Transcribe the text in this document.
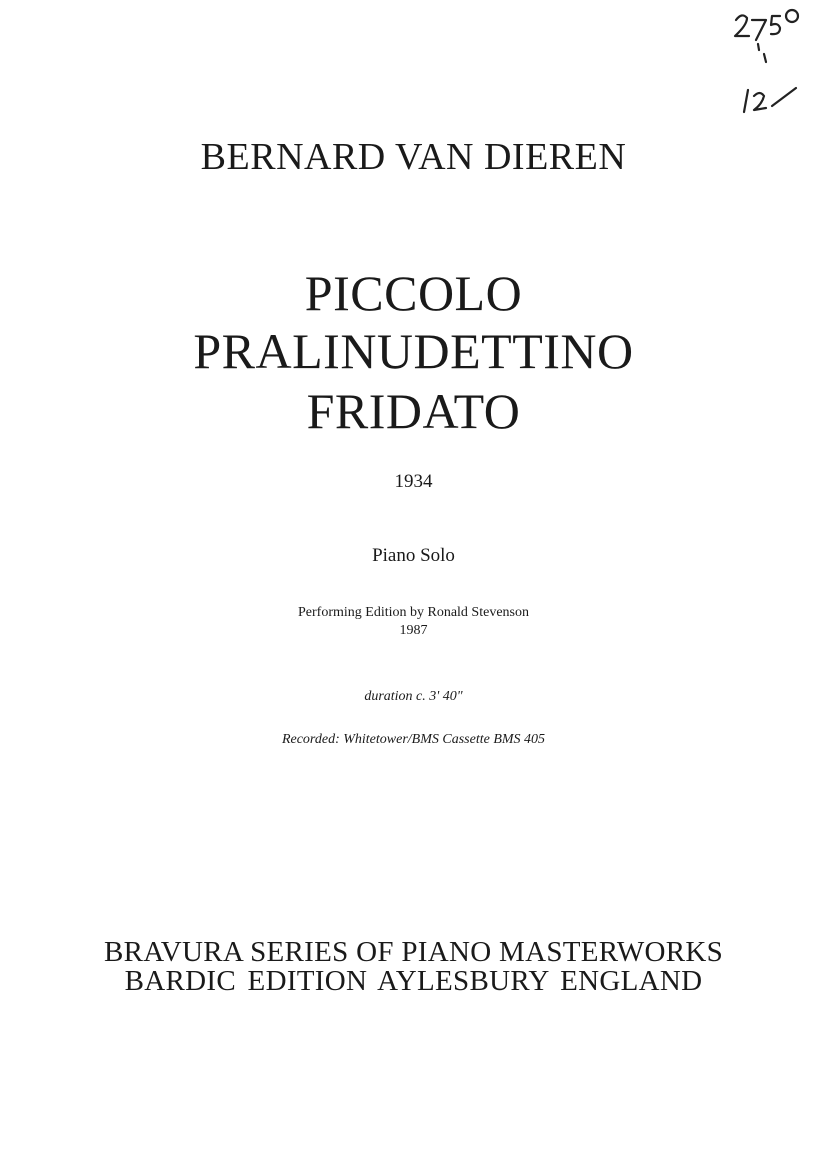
BERNARD VAN DIEREN
PICCOLO
PRALINUDETTINO
FRIDATO
1934
Piano Solo
Performing Edition by Ronald Stevenson
1987
duration c. 3' 40"
Recorded: Whitetower/BMS Cassette BMS 405
BRAVURA SERIES OF PIANO MASTERWORKS
BARDIC EDITION AYLESBURY ENGLAND
